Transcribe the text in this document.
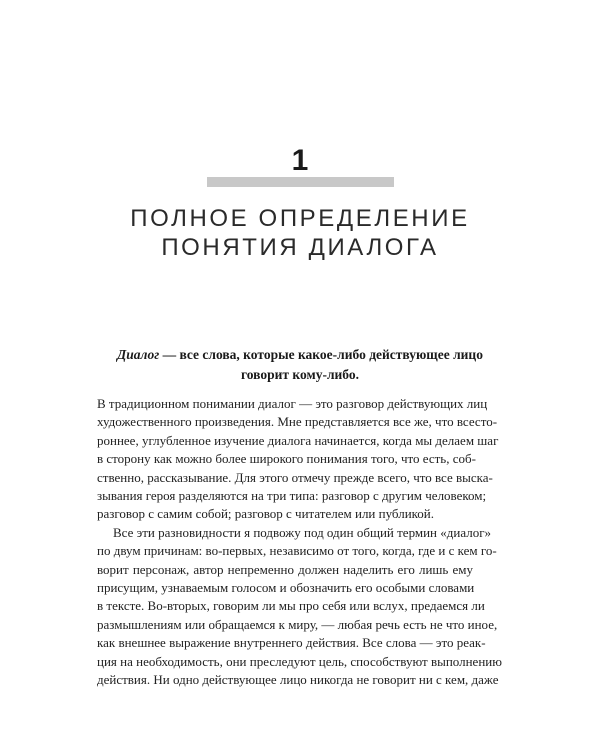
1
ПОЛНОЕ ОПРЕДЕЛЕНИЕ
ПОНЯТИЯ ДИАЛОГА
Диалог — все слова, которые какое-либо действующее лицо
говорит кому-либо.

В традиционном понимании диалог — это разговор действующих лиц
художественного произведения. Мне представляется все же, что всесто-
роннее, углубленное изучение диалога начинается, когда мы делаем шаг
в сторону как можно более широкого понимания того, что есть, соб-
ственно, рассказывание. Для этого отмечу прежде всего, что все выска-
зывания героя разделяются на три типа: разговор с другим человеком;
разговор с самим собой; разговор с читателем или публикой.

Все эти разновидности я подвожу под один общий термин «диалог»
по двум причинам: во-первых, независимо от того, когда, где и с кем го-
ворит персонаж, автор непременно должен наделить его лишь ему
присущим, узнаваемым голосом и обозначить его особыми словами
в тексте. Во-вторых, говорим ли мы про себя или вслух, предаемся ли
размышлениям или обращаемся к миру, — любая речь есть не что иное,
как внешнее выражение внутреннего действия. Все слова — это реак-
ция на необходимость, они преследуют цель, способствуют выполнению
действия. Ни одно действующее лицо никогда не говорит ни с кем, даже
